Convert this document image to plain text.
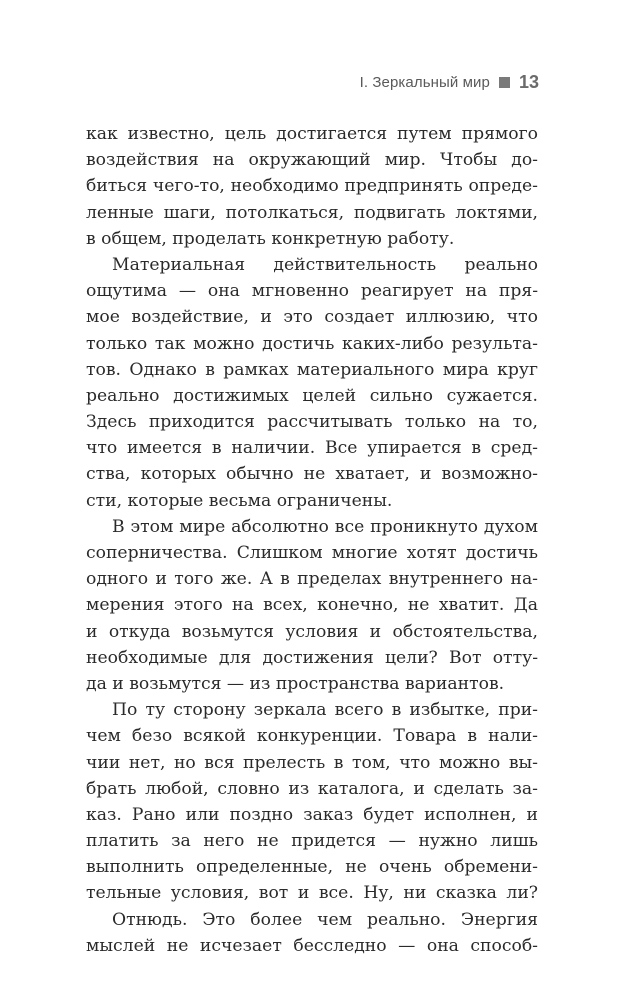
I. Зеркальный мир 13

как известно, цель достигается путем прямого
воздействия на окружающий мир. Чтобы до-
биться чего-то, необходимо предпринять опреде-
ленные шаги, потолкаться, подвигать локтями,
в общем, проделать конкретную работу.

Материальная действительность реально
ощутима — она мгновенно реагирует на пря-
мое воздействие, и это создает иллюзию, что
только так можно достичь каких-либо результа-
тов. Однако в рамках материального мира круг
реально достижимых целей сильно сужается.
Здесь приходится рассчитывать только на то,
что имеется в наличии. Все упирается в сред-
ства, которых обычно не хватает, и возможно-
сти, которые весьма ограничены.

В этом мире абсолютно все проникнуто духом
соперничества. Слишком многие хотят достичь
одного и того же. А в пределах внутреннего на-
мерения этого на всех, конечно, не хватит. Да
и откуда возьмутся условия и обстоятельства,
необходимые для достижения цели? Вот отту-
да и возьмутся — из пространства вариантов.

По ту сторону зеркала всего в избытке, при-
чем безо всякой конкуренции. Товара в нали-
чии нет, но вся прелесть в том, что можно вы-
брать любой, словно из каталога, и сделать за-
каз. Рано или поздно заказ будет исполнен, и
платить за него не придется — нужно лишь
выполнить определенные, не очень обремени-
тельные условия, вот и все. Ну, ни сказка ли?

Отнюдь. Это более чем реально. Энергия
мыслей не исчезает бесследно — она способ-
